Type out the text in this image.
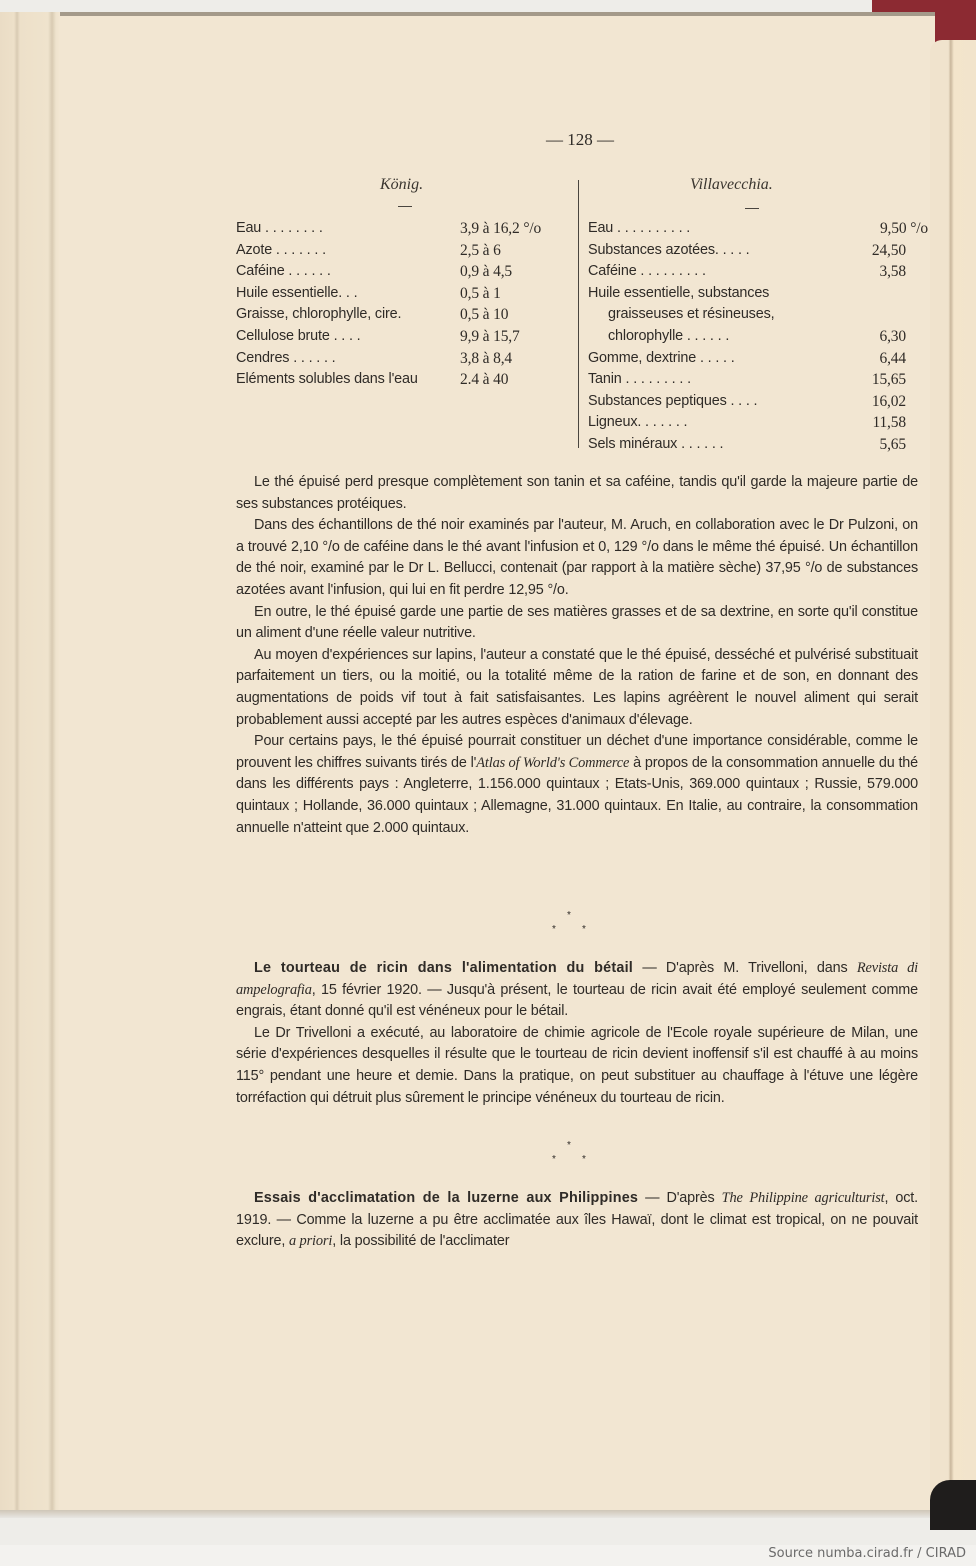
— 128 —
König.
Eau . . . . . . . .	3,9 à 16,2 °/o
Azote . . . . . . .	2,5 à 6
Caféine . . . . . .	0,9 à 4,5
Huile essentielle. . .	0,5 à 1
Graisse, chlorophylle, cire.	0,5 à 10
Cellulose brute . . . .	9,9 à 15,7
Cendres . . . . . .	3,8 à 8,4
Eléments solubles dans l'eau	2.4 à 40
Villavecchia.
Eau . . . . . . . . . .	9,50 °/o
Substances azotées. . . . .	24,50
Caféine . . . . . . . . .	3,58
Huile essentielle, substances
graisseuses et résineuses,
chlorophylle . . . . . .	6,30
Gomme, dextrine . . . . .	6,44
Tanin . . . . . . . . .	15,65
Substances peptiques . . . .	16,02
Ligneux. . . . . . .	11,58
Sels minéraux . . . . . .	5,65

Le thé épuisé perd presque complètement son tanin et sa caféine, tandis qu'il garde la majeure partie de ses substances protéiques.

Dans des échantillons de thé noir examinés par l'auteur, M. Aruch, en collaboration avec le Dr Pulzoni, on a trouvé 2,10 °/o de caféine dans le thé avant l'infusion et 0, 129 °/o dans le même thé épuisé. Un échantillon de thé noir, examiné par le Dr L. Bellucci, contenait (par rapport à la matière sèche) 37,95 °/o de substances azotées avant l'infusion, qui lui en fit perdre 12,95 °/o.

En outre, le thé épuisé garde une partie de ses matières grasses et de sa dextrine, en sorte qu'il constitue un aliment d'une réelle valeur nutritive.

Au moyen d'expériences sur lapins, l'auteur a constaté que le thé épuisé, desséché et pulvérisé substituait parfaitement un tiers, ou la moitié, ou la totalité même de la ration de farine et de son, en donnant des augmentations de poids vif tout à fait satisfaisantes. Les lapins agréèrent le nouvel aliment qui serait probablement aussi accepté par les autres espèces d'animaux d'élevage.

Pour certains pays, le thé épuisé pourrait constituer un déchet d'une importance considérable, comme le prouvent les chiffres suivants tirés de l'Atlas of World's Commerce à propos de la consommation annuelle du thé dans les différents pays : Angleterre, 1.156.000 quintaux ; Etats-Unis, 369.000 quintaux ; Russie, 579.000 quintaux ; Hollande, 36.000 quintaux ; Allemagne, 31.000 quintaux. En Italie, au contraire, la consommation annuelle n'atteint que 2.000 quintaux.

*
*	*

Le tourteau de ricin dans l'alimentation du bétail — D'après M. Trivelloni, dans Revista di ampelografia, 15 février 1920. — Jusqu'à présent, le tourteau de ricin avait été employé seulement comme engrais, étant donné qu'il est vénéneux pour le bétail.

Le Dr Trivelloni a exécuté, au laboratoire de chimie agricole de l'Ecole royale supérieure de Milan, une série d'expériences desquelles il résulte que le tourteau de ricin devient inoffensif s'il est chauffé à au moins 115° pendant une heure et demie. Dans la pratique, on peut substituer au chauffage à l'étuve une légère torréfaction qui détruit plus sûrement le principe vénéneux du tourteau de ricin.

*
*	*

Essais d'acclimatation de la luzerne aux Philippines — D'après The Philippine agriculturist, oct. 1919. — Comme la luzerne a pu être acclimatée aux îles Hawaï, dont le climat est tropical, on ne pouvait exclure, a priori, la possibilité de l'acclimater

Source numba.cirad.fr / CIRAD
